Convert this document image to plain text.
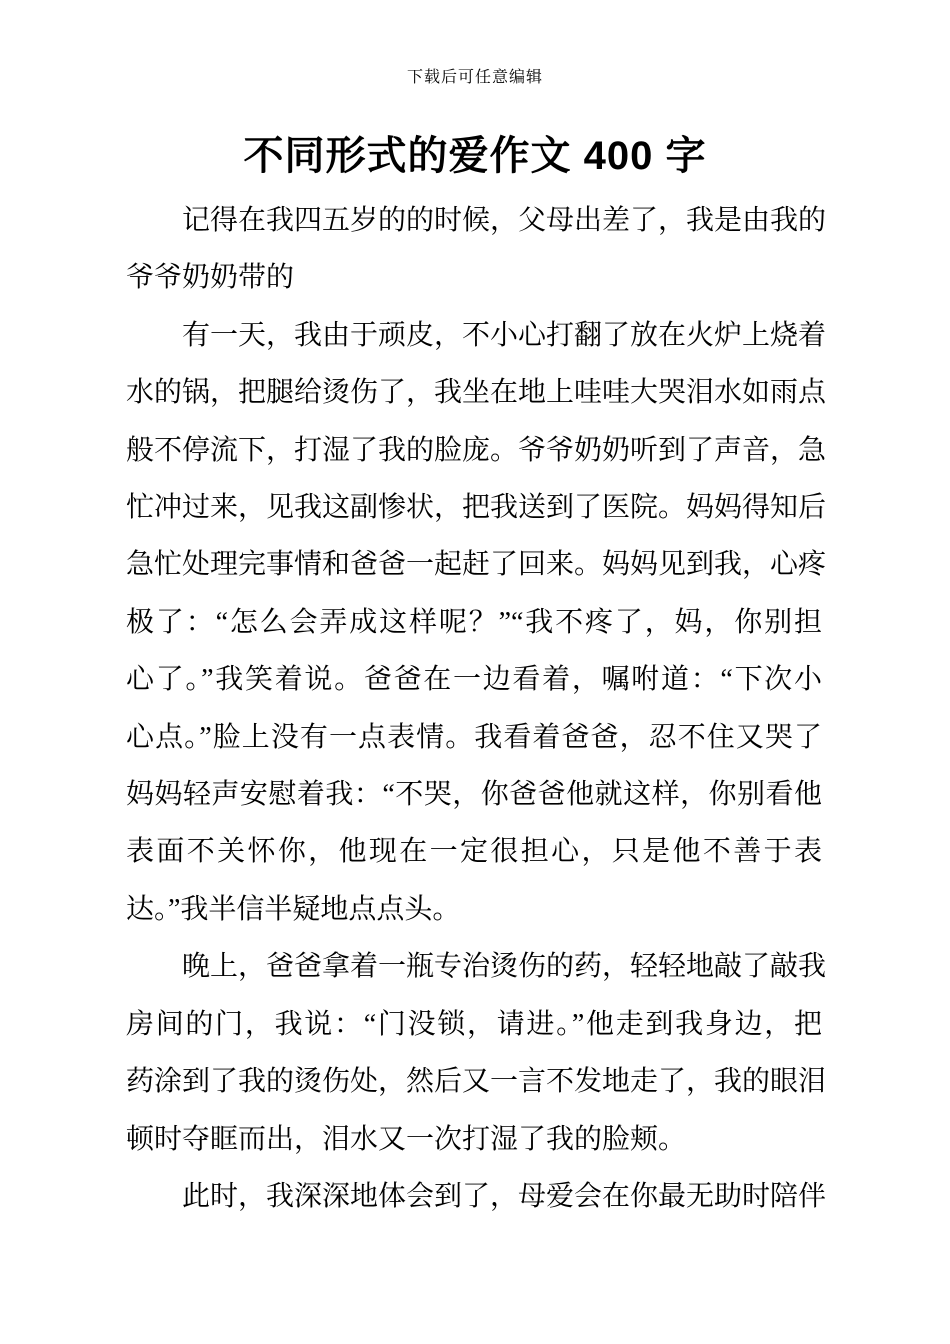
下载后可任意编辑
不同形式的爱作文 400 字
记得在我四五岁的的时候，父母出差了，我是由我的
爷爷奶奶带的
有一天，我由于顽皮，不小心打翻了放在火炉上烧着
水的锅，把腿给烫伤了，我坐在地上哇哇大哭泪水如雨点
般不停流下，打湿了我的脸庞。爷爷奶奶听到了声音，急
忙冲过来，见我这副惨状，把我送到了医院。妈妈得知后
急忙处理完事情和爸爸一起赶了回来。妈妈见到我，心疼
极了：“怎么会弄成这样呢？”“我不疼了，妈，你别担
心了。”我笑着说。爸爸在一边看着，嘱咐道：“下次小
心点。”脸上没有一点表情。我看着爸爸，忍不住又哭了
妈妈轻声安慰着我：“不哭，你爸爸他就这样，你别看他
表面不关怀你，他现在一定很担心，只是他不善于表
达。”我半信半疑地点点头。
晚上，爸爸拿着一瓶专治烫伤的药，轻轻地敲了敲我
房间的门，我说：“门没锁，请进。”他走到我身边，把
药涂到了我的烫伤处，然后又一言不发地走了，我的眼泪
顿时夺眶而出，泪水又一次打湿了我的脸颊。
此时，我深深地体会到了，母爱会在你最无助时陪伴
